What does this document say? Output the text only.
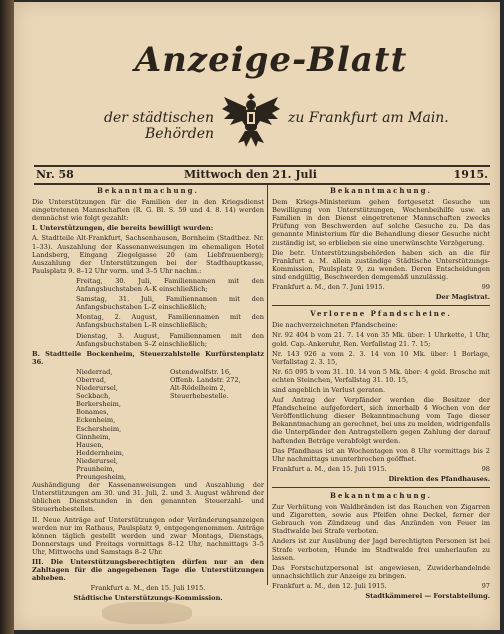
Anzeige-Blatt
der städtischen Behörden
zu Frankfurt am Main.
Nr. 58	Mittwoch den 21. Juli	1915.
Bekanntmachung.

Die Unterstützungen für die Familien der in den Kriegsdienst eingetretenen Mannschaften (R. G. Bl. S. 59 und 4. 8. 14) werden demnächst wie folgt gezahlt:

I. Unterstützungen, die bereits bewilligt wurden:

A. Stadtteile Alt-Frankfurt, Sachsenhausen, Bornheim (Stadtbez. Nr. 1–33). Auszahlung der Kassenanweisungen im ehemaligen Hotel Landsberg, Eingang Ziegelgasse 20 (am Liebfrauenberg); Auszahlung der Unterstützungen bei der Stadthauptkasse, Paulsplatz 9. 8–12 Uhr vorm. und 3–5 Uhr nachm.:

Freitag, 30. Juli, Familiennamen mit den Anfangsbuchstaben A–K einschließlich;

Samstag, 31. Juli, Familiennamen mit den Anfangsbuchstaben L–Z einschließlich;

Montag, 2. August, Familiennamen mit den Anfangsbuchstaben L–R einschließlich;

Dienstag, 3. August, Familiennamen mit den Anfangsbuchstaben S–Z einschließlich;

B. Stadtteile Bockenheim, Steuerzahlstelle Kurfürstenplatz 36.

Niederrad,
Oberrad,
Niederursel,
Seckbach,
Berkersheim,
Bonames,
Eckenheim,
Eschersheim,
Ginnheim,
Hausen,
Heddernheim,
Niederursel,
Praunheim,
Preungesheim,
Ostendwolfstr. 16,
Offenb. Landstr. 272,
Alt-Rödelheim 2,
Steuerhebestelle.

Aushändigung der Kassenanweisungen und Auszahlung der Unterstützungen am 30. und 31. Juli, 2. und 3. August während der üblichen Dienststunden in den genannten Steuerzahl- und Steuerhebestellen.

II. Neue Anträge auf Unterstützungen oder Veränderungsanzeigen werden nur im Rathaus, Paulsplatz 9, entgegengenommen. Anträge können täglich gestellt werden und zwar Montags, Dienstags, Donnerstags und Freitags vormittags 8–12 Uhr, nachmittags 3–5 Uhr, Mittwochs und Samstags 8–2 Uhr.

III. Die Unterstützungsberechtigten dürfen nur an den Zahltagen für die angegebenen Tage die Unterstützungen abheben.

Frankfurt a. M., den 15. Juli 1915.

Städtische Unterstützungs-Kommission.

Bekanntmachung.

Dem Kriegs-Ministerium gehen fortgesetzt Gesuche um Bewilligung von Unterstützungen, Wochenbeihilfe usw. an Familien in den Dienst eingetretener Mannschaften zwecks Prüfung von Beschwerden auf solche Gesuche zu. Da das genannte Ministerium für die Behandlung dieser Gesuche nicht zuständig ist, so erblieben sie eine unerwünschte Verzögerung.

Die betr. Unterstützungsbehörden haben sich an die für Frankfurt a. M. allein zuständige Städtische Unterstützungs-Kommission, Paulsplatz 9, zu wenden. Deren Entscheidungen sind endgültig, Beschwerden demgemäß unzulässig.

Frankfurt a. M., den 7. Juni 1915.	99

Der Magistrat.

Verlorene Pfandscheine.

Die nachverzeichneten Pfandscheine:

Nr. 92 404 b vom 21. 7. 14 von 35 Mk. über: 1 Uhrkette, 1 Uhr, gold. Cap.-Ankeruhr, Ren. Verfallstag 21. 7. 15;

Nr. 143 926 a vom 2. 3. 14 von 10 Mk. über: 1 Borlage, Verfallstag 2. 3. 15,

Nr. 65 095 b vom 31. 10. 14 von 5 Mk. über: 4 gold. Brosche mit echten Steinchen, Verfallstag 31. 10. 15,

sind angeblich in Verlust geraten.

Auf Antrag der Verpfänder werden die Besitzer der Pfandscheine aufgefordert, sich innerhalb 4 Wochen von der Veröffentlichung dieser Bekanntmachung vom Tage dieser Bekanntmachung an gerechnet, bei uns zu melden, widrigenfalls die Unterpfänder den Antragstellern gegen Zahlung der darauf haftenden Beträge verabfolgt werden.

Das Pfandhaus ist an Wochentagen von 8 Uhr vormittags bis 2 Uhr nachmittags ununterbrochen geöffnet.

Frankfurt a. M., den 15. Juli 1915.	98

Direktion des Pfandhauses.

Bekanntmachung.

Zur Verhütung von Waldbränden ist das Rauchen von Zigarren und Zigaretten, sowie aus Pfeifen ohne Deckel, ferner der Gebrauch von Zündzeug und das Anzünden von Feuer im Stadtwalde bei Strafe verboten.

Anders ist zur Ausübung der Jagd berechtigten Personen ist bei Strafe verboten, Hunde im Stadtwalde frei umherlaufen zu lassen.

Das Forstschutzpersonal ist angewiesen, Zuwiderhandelnde unnachsichtlich zur Anzeige zu bringen.

Frankfurt a. M., den 12. Juli 1915.	97

Stadtkämmerei — Forstabteilung.
